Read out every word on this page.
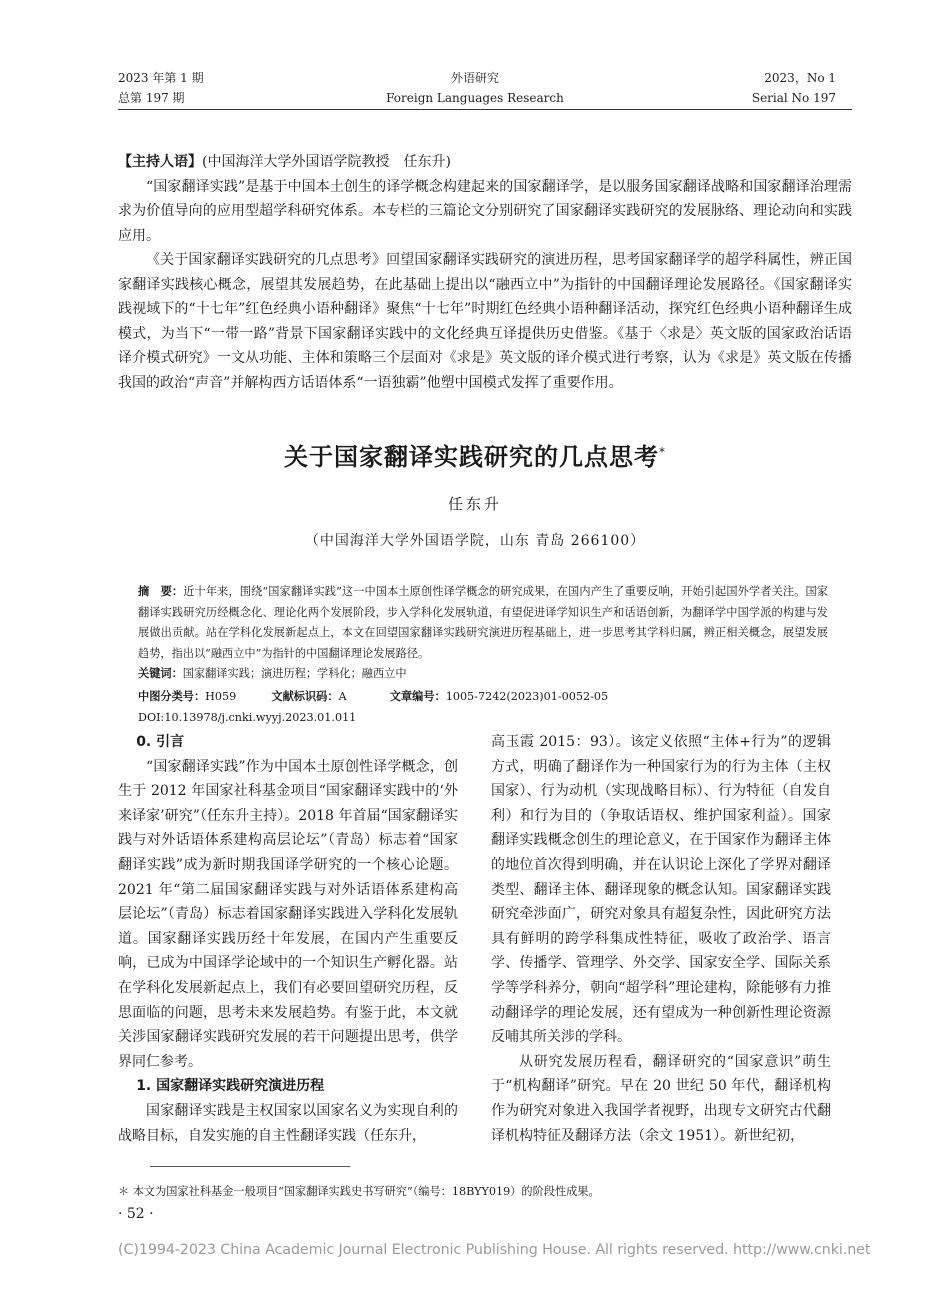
2023 年第 1 期
总第 197 期
外语研究
Foreign Languages Research
2023，No 1
Serial No 197

【主持人语】(中国海洋大学外国语学院教授　任东升)

“国家翻译实践”是基于中国本土创生的译学概念构建起来的国家翻译学，是以服务国家翻译战略和国家翻译治理需求为价值导向的应用型超学科研究体系。本专栏的三篇论文分别研究了国家翻译实践研究的发展脉络、理论动向和实践应用。

《关于国家翻译实践研究的几点思考》回望国家翻译实践研究的演进历程，思考国家翻译学的超学科属性，辨正国家翻译实践核心概念，展望其发展趋势，在此基础上提出以“融西立中”为指针的中国翻译理论发展路径。《国家翻译实践视域下的“十七年”红色经典小语种翻译》聚焦“十七年”时期红色经典小语种翻译活动，探究红色经典小语种翻译生成模式，为当下“一带一路”背景下国家翻译实践中的文化经典互译提供历史借鉴。《基于〈求是〉英文版的国家政治话语译介模式研究》一文从功能、主体和策略三个层面对《求是》英文版的译介模式进行考察，认为《求是》英文版在传播我国的政治“声音”并解构西方话语体系“一语独霸”他塑中国模式发挥了重要作用。

关于国家翻译实践研究的几点思考*
任东升
（中国海洋大学外国语学院，山东 青岛 266100）
摘　要：近十年来，围绕“国家翻译实践”这一中国本土原创性译学概念的研究成果，在国内产生了重要反响，开始引起国外学者关注。国家翻译实践研究历经概念化、理论化两个发展阶段，步入学科化发展轨道，有望促进译学知识生产和话语创新，为翻译学中国学派的构建与发展做出贡献。站在学科化发展新起点上，本文在回望国家翻译实践研究演进历程基础上，进一步思考其学科归属，辨正相关概念，展望发展趋势，指出以“融西立中”为指针的中国翻译理论发展路径。
关键词：国家翻译实践；演进历程；学科化；融西立中
中图分类号：H059	文献标识码：A	文章编号：1005-7242(2023)01-0052-05
DOI:10.13978/j.cnki.wyyj.2023.01.011

0. 引言

“国家翻译实践”作为中国本土原创性译学概念，创生于 2012 年国家社科基金项目“国家翻译实践中的‘外来译家’研究”（任东升主持）。2018 年首届“国家翻译实践与对外话语体系建构高层论坛”（青岛）标志着“国家翻译实践”成为新时期我国译学研究的一个核心论题。2021 年“第二届国家翻译实践与对外话语体系建构高层论坛”（青岛）标志着国家翻译实践进入学科化发展轨道。国家翻译实践历经十年发展，在国内产生重要反响，已成为中国译学论域中的一个知识生产孵化器。站在学科化发展新起点上，我们有必要回望研究历程，反思面临的问题，思考未来发展趋势。有鉴于此，本文就关涉国家翻译实践研究发展的若干问题提出思考，供学界同仁参考。

1. 国家翻译实践研究演进历程

国家翻译实践是主权国家以国家名义为实现自利的战略目标，自发实施的自主性翻译实践（任东升，

高玉霞 2015：93）。该定义依照“主体+行为”的逻辑方式，明确了翻译作为一种国家行为的行为主体（主权国家）、行为动机（实现战略目标）、行为特征（自发自利）和行为目的（争取话语权、维护国家利益）。国家翻译实践概念创生的理论意义，在于国家作为翻译主体的地位首次得到明确，并在认识论上深化了学界对翻译类型、翻译主体、翻译现象的概念认知。国家翻译实践研究牵涉面广，研究对象具有超复杂性，因此研究方法具有鲜明的跨学科集成性特征，吸收了政治学、语言学、传播学、管理学、外交学、国家安全学、国际关系学等学科养分，朝向“超学科”理论建构，除能够有力推动翻译学的理论发展，还有望成为一种创新性理论资源反哺其所关涉的学科。

从研究发展历程看，翻译研究的“国家意识”萌生于“机构翻译”研究。早在 20 世纪 50 年代，翻译机构作为研究对象进入我国学者视野，出现专文研究古代翻译机构特征及翻译方法（余文 1951）。新世纪初，

＊ 本文为国家社科基金一般项目“国家翻译实践史书写研究”（编号：18BYY019）的阶段性成果。
· 52 ·
(C)1994-2023 China Academic Journal Electronic Publishing House. All rights reserved. http://www.cnki.net
